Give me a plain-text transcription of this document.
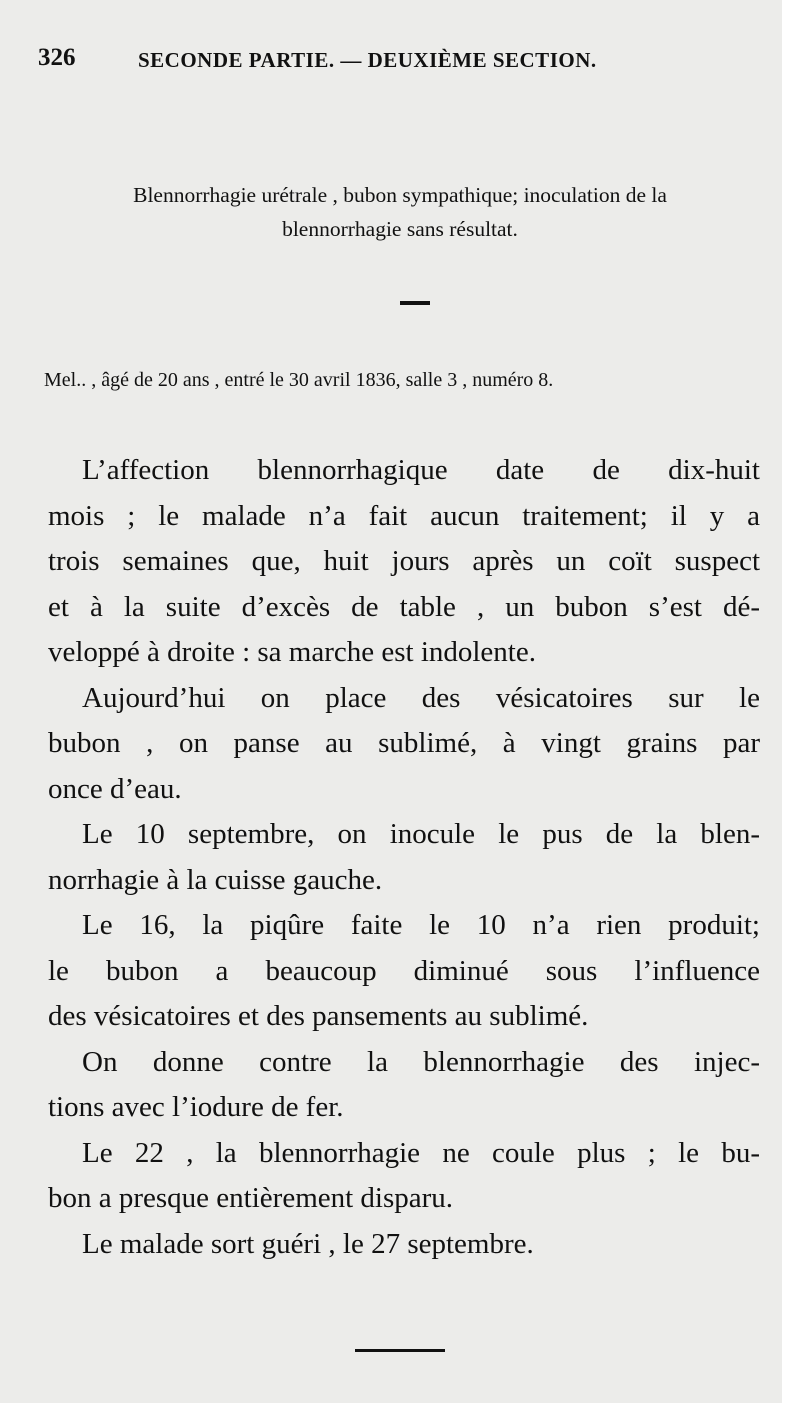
326	SECONDE PARTIE. — DEUXIÈME SECTION.
Blennorrhagie urétrale , bubon sympathique; inoculation de la
blennorrhagie sans résultat.
Mel.. , âgé de 20 ans , entré le 30 avril 1836, salle 3 , numéro 8.

L’affection blennorrhagique date de dix-huit
mois ; le malade n’a fait aucun traitement; il y a
trois semaines que, huit jours après un coït suspect
et à la suite d’excès de table , un bubon s’est dé-
veloppé à droite : sa marche est indolente.

Aujourd’hui on place des vésicatoires sur le
bubon , on panse au sublimé, à vingt grains par
once d’eau.

Le 10 septembre, on inocule le pus de la blen-
norrhagie à la cuisse gauche.

Le 16, la piqûre faite le 10 n’a rien produit;
le bubon a beaucoup diminué sous l’influence
des vésicatoires et des pansements au sublimé.

On donne contre la blennorrhagie des injec-
tions avec l’iodure de fer.

Le 22 , la blennorrhagie ne coule plus ; le bu-
bon a presque entièrement disparu.

Le malade sort guéri , le 27 septembre.
